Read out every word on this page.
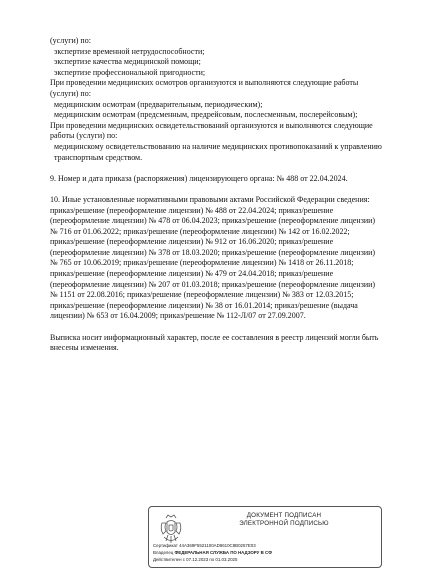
(услуги) по:
экспертизе временной нетрудоспособности;
экспертизе качества медицинской помощи;
экспертизе профессиональной пригодности;
При проведении медицинских осмотров организуются и выполняются следующие работы
(услуги) по:
медицинским осмотрам (предварительным, периодическим);
медицинским осмотрам (предсменным, предрейсовым, послесменным, послерейсовым);
При проведении медицинских освидетельствований организуются и выполняются следующие
работы (услуги) по:
медицинскому освидетельствованию на наличие медицинских противопоказаний к управлению
транспортным средством.
9. Номер и дата приказа (распоряжения) лицензирующего органа: № 488 от 22.04.2024.
10. Иные установленные нормативными правовыми актами Российской Федерации сведения:
приказ/решение (переоформление лицензии) № 488 от 22.04.2024; приказ/решение
(переоформление лицензии) № 478 от 06.04.2023; приказ/решение (переоформление лицензии)
№ 716 от 01.06.2022; приказ/решение (переоформление лицензии) № 142 от 16.02.2022;
приказ/решение (переоформление лицензии) № 912 от 16.06.2020; приказ/решение
(переоформление лицензии) № 378 от 18.03.2020; приказ/решение (переоформление лицензии)
№ 765 от 10.06.2019; приказ/решение (переоформление лицензии) № 1418 от 26.11.2018;
приказ/решение (переоформление лицензии) № 479 от 24.04.2018; приказ/решение
(переоформление лицензии) № 207 от 01.03.2018; приказ/решение (переоформление лицензии)
№ 1151 от 22.08.2016; приказ/решение (переоформление лицензии) № 383 от 12.03.2015;
приказ/решение (переоформление лицензии) № 38 от 16.01.2014; приказ/решение (выдача
лицензии) № 653 от 16.04.2009; приказ/решение № 112-Л/07 от 27.09.2007.
Выписка носит информационный характер, после ее составления в реестр лицензий могли быть
внесены изменения.
ДОКУМЕНТ ПОДПИСАН
ЭЛЕКТРОННОЙ ПОДПИСЬЮ
Сертификат 44A369F5521100AD8610C8B0257E03
Владелец ФЕДЕРАЛЬНАЯ СЛУЖБА ПО НАДЗОРУ В СФ
Действителен с 07.12.2023 по 01.03.2025
